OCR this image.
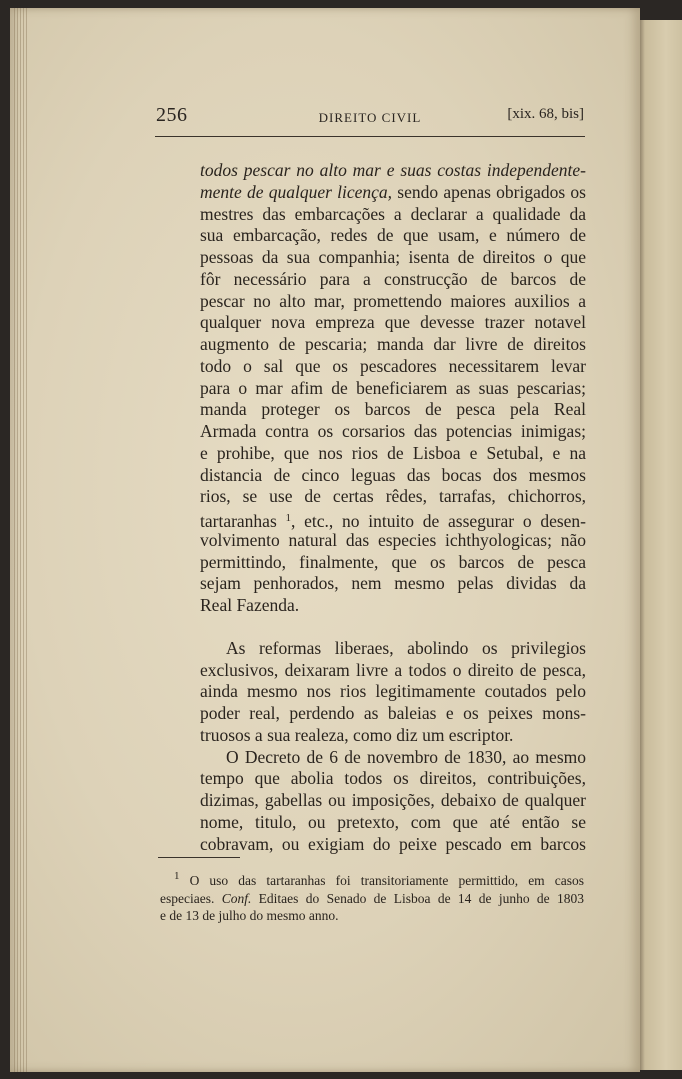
256	DIREITO CIVIL	[xix. 68, bis]
todos pescar no alto mar e suas costas independente-
mente de qualquer licença, sendo apenas obrigados os
mestres das embarcações a declarar a qualidade da
sua embarcação, redes de que usam, e número de
pessoas da sua companhia; isenta de direitos o que
fôr necessário para a construcção de barcos de
pescar no alto mar, promettendo maiores auxilios a
qualquer nova empreza que devesse trazer notavel
augmento de pescaria; manda dar livre de direitos
todo o sal que os pescadores necessitarem levar
para o mar afim de beneficiarem as suas pescarias;
manda proteger os barcos de pesca pela Real
Armada contra os corsarios das potencias inimigas;
e prohibe, que nos rios de Lisboa e Setubal, e na
distancia de cinco leguas das bocas dos mesmos
rios, se use de certas rêdes, tarrafas, chichorros,
tartaranhas $^1$, etc., no intuito de assegurar o desen-
volvimento natural das especies ichthyologicas; não
permittindo, finalmente, que os barcos de pesca
sejam penhorados, nem mesmo pelas dividas da
Real Fazenda.
As reformas liberaes, abolindo os privilegios
exclusivos, deixaram livre a todos o direito de pesca,
ainda mesmo nos rios legitimamente coutados pelo
poder real, perdendo as baleias e os peixes mons-
truosos a sua realeza, como diz um escriptor.
O Decreto de 6 de novembro de 1830, ao mesmo
tempo que abolia todos os direitos, contribuições,
dizimas, gabellas ou imposições, debaixo de qualquer
nome, titulo, ou pretexto, com que até então se
cobravam, ou exigiam do peixe pescado em barcos
$^1$ O uso das tartaranhas foi transitoriamente permittido, em casos
especiaes. Conf. Editaes do Senado de Lisboa de 14 de junho de 1803
e de 13 de julho do mesmo anno.
